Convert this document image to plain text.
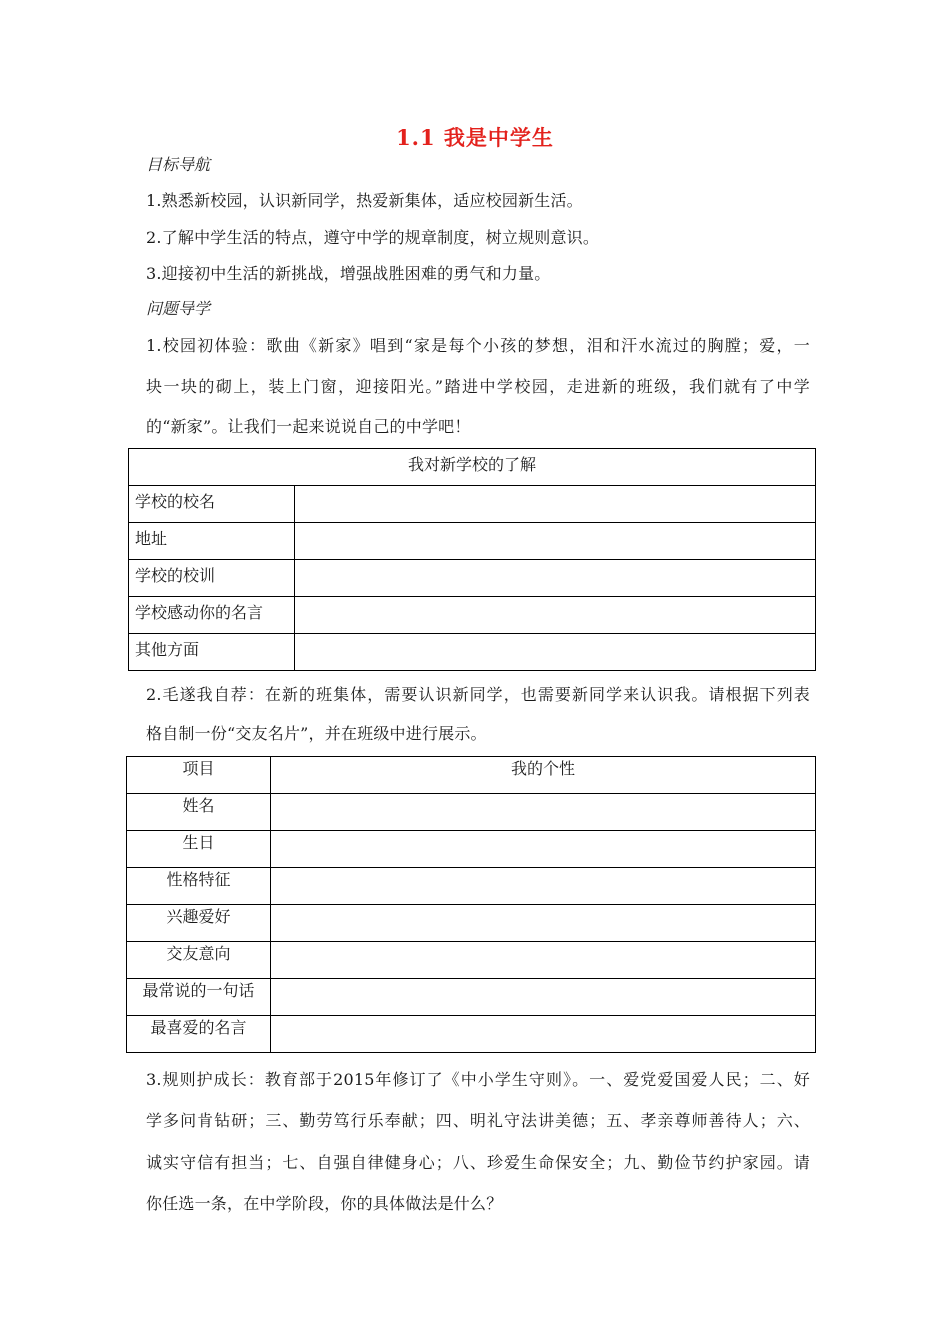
1.1 我是中学生
目标导航
1.熟悉新校园，认识新同学，热爱新集体，适应校园新生活。
2.了解中学生活的特点，遵守中学的规章制度，树立规则意识。
3.迎接初中生活的新挑战，增强战胜困难的勇气和力量。
问题导学
1.校园初体验：歌曲《新家》唱到“家是每个小孩的梦想，泪和汗水流过的胸膛；爱，一
块一块的砌上，装上门窗，迎接阳光。”踏进中学校园，走进新的班级，我们就有了中学
的“新家”。让我们一起来说说自己的中学吧！
我对新学校的了解	
学校的校名	
地址	
学校的校训	
学校感动你的名言	
其他方面	
2.毛遂我自荐：在新的班集体，需要认识新同学，也需要新同学来认识我。请根据下列表
格自制一份“交友名片”，并在班级中进行展示。
项目	我的个性
姓名	
生日	
性格特征	
兴趣爱好	
交友意向	
最常说的一句话	
最喜爱的名言	
3.规则护成长：教育部于2015年修订了《中小学生守则》。一、爱党爱国爱人民；二、好
学多问肯钻研；三、勤劳笃行乐奉献；四、明礼守法讲美德；五、孝亲尊师善待人；六、
诚实守信有担当；七、自强自律健身心；八、珍爱生命保安全；九、勤俭节约护家园。请
你任选一条，在中学阶段，你的具体做法是什么？
